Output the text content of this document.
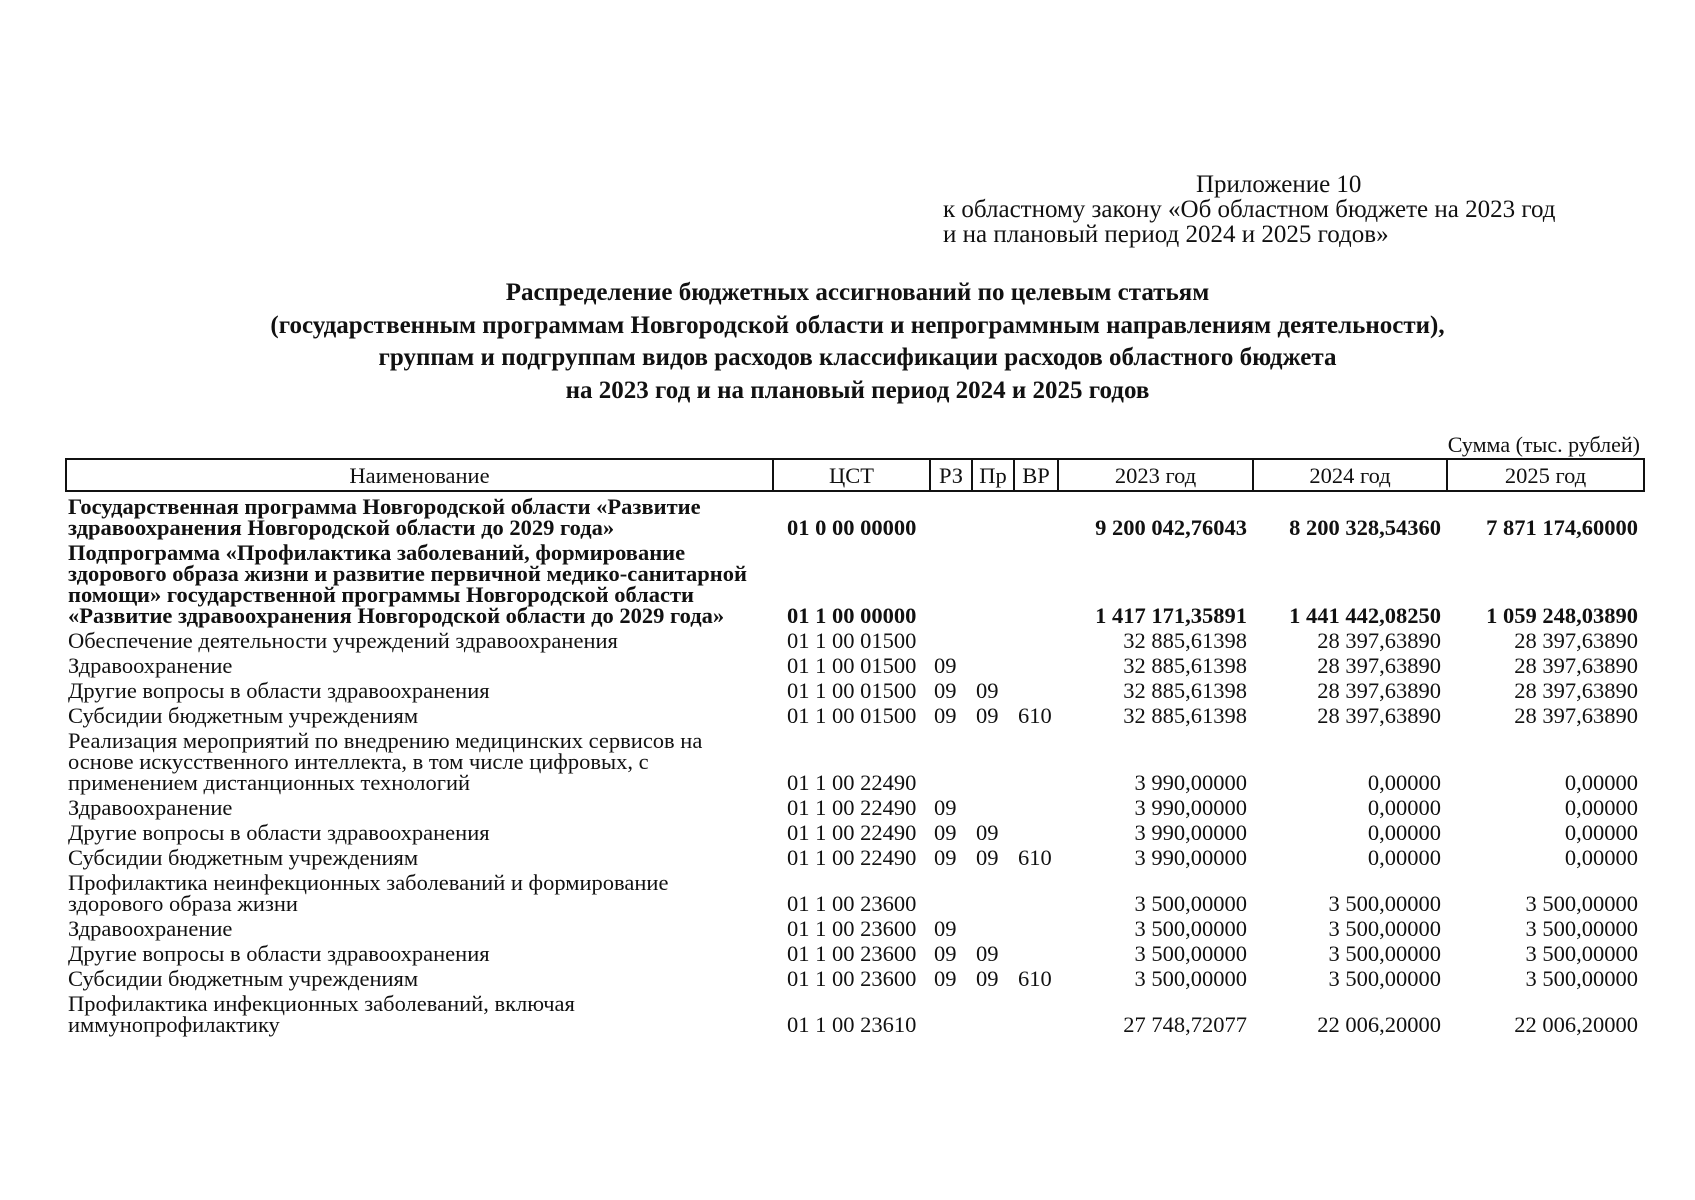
Приложение 10
к областному закону «Об областном бюджете на 2023 год
и на плановый период 2024 и 2025 годов»
Распределение бюджетных ассигнований по целевым статьям
(государственным программам Новгородской области и непрограммным направлениям деятельности),
группам и подгруппам видов расходов классификации расходов областного бюджета
на 2023 год и на плановый период 2024 и 2025 годов
Сумма (тыс. рублей)
Наименование	ЦСТ	РЗ	Пр	ВР	2023 год	2024 год	2025 год
Государственная программа Новгородской области «Развитие здравоохранения Новгородской области до 2029 года»	01 0 00 00000				9 200 042,76043	8 200 328,54360	7 871 174,60000
Подпрограмма «Профилактика заболеваний, формирование здорового образа жизни и развитие первичной медико-санитарной помощи» государственной программы Новгородской области «Развитие здравоохранения Новгородской области до 2029 года»	01 1 00 00000				1 417 171,35891	1 441 442,08250	1 059 248,03890
Обеспечение деятельности учреждений здравоохранения	01 1 00 01500				32 885,61398	28 397,63890	28 397,63890
Здравоохранение	01 1 00 01500	09			32 885,61398	28 397,63890	28 397,63890
Другие вопросы в области здравоохранения	01 1 00 01500	09	09		32 885,61398	28 397,63890	28 397,63890
Субсидии бюджетным учреждениям	01 1 00 01500	09	09	610	32 885,61398	28 397,63890	28 397,63890
Реализация мероприятий по внедрению медицинских сервисов на основе искусственного интеллекта, в том числе цифровых, с применением дистанционных технологий	01 1 00 22490				3 990,00000	0,00000	0,00000
Здравоохранение	01 1 00 22490	09			3 990,00000	0,00000	0,00000
Другие вопросы в области здравоохранения	01 1 00 22490	09	09		3 990,00000	0,00000	0,00000
Субсидии бюджетным учреждениям	01 1 00 22490	09	09	610	3 990,00000	0,00000	0,00000
Профилактика неинфекционных заболеваний и формирование здорового образа жизни	01 1 00 23600				3 500,00000	3 500,00000	3 500,00000
Здравоохранение	01 1 00 23600	09			3 500,00000	3 500,00000	3 500,00000
Другие вопросы в области здравоохранения	01 1 00 23600	09	09		3 500,00000	3 500,00000	3 500,00000
Субсидии бюджетным учреждениям	01 1 00 23600	09	09	610	3 500,00000	3 500,00000	3 500,00000
Профилактика инфекционных заболеваний, включая иммунопрофилактику	01 1 00 23610				27 748,72077	22 006,20000	22 006,20000
